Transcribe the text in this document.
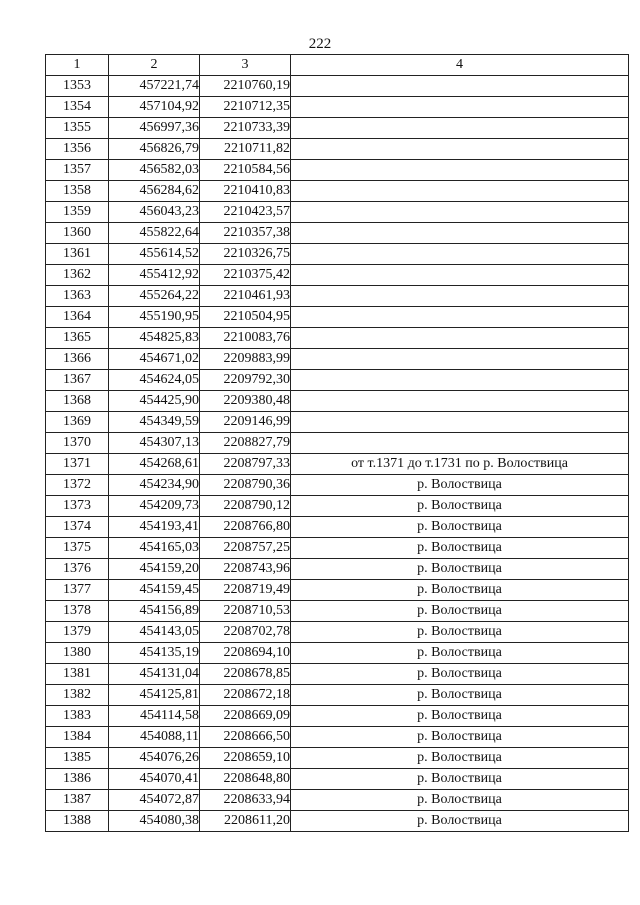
222
1	2	3	4
1353	457221,74	2210760,19	
1354	457104,92	2210712,35	
1355	456997,36	2210733,39	
1356	456826,79	2210711,82	
1357	456582,03	2210584,56	
1358	456284,62	2210410,83	
1359	456043,23	2210423,57	
1360	455822,64	2210357,38	
1361	455614,52	2210326,75	
1362	455412,92	2210375,42	
1363	455264,22	2210461,93	
1364	455190,95	2210504,95	
1365	454825,83	2210083,76	
1366	454671,02	2209883,99	
1367	454624,05	2209792,30	
1368	454425,90	2209380,48	
1369	454349,59	2209146,99	
1370	454307,13	2208827,79	
1371	454268,61	2208797,33	от т.1371 до т.1731 по р. Волоствица
1372	454234,90	2208790,36	р. Волоствица
1373	454209,73	2208790,12	р. Волоствица
1374	454193,41	2208766,80	р. Волоствица
1375	454165,03	2208757,25	р. Волоствица
1376	454159,20	2208743,96	р. Волоствица
1377	454159,45	2208719,49	р. Волоствица
1378	454156,89	2208710,53	р. Волоствица
1379	454143,05	2208702,78	р. Волоствица
1380	454135,19	2208694,10	р. Волоствица
1381	454131,04	2208678,85	р. Волоствица
1382	454125,81	2208672,18	р. Волоствица
1383	454114,58	2208669,09	р. Волоствица
1384	454088,11	2208666,50	р. Волоствица
1385	454076,26	2208659,10	р. Волоствица
1386	454070,41	2208648,80	р. Волоствица
1387	454072,87	2208633,94	р. Волоствица
1388	454080,38	2208611,20	р. Волоствица
